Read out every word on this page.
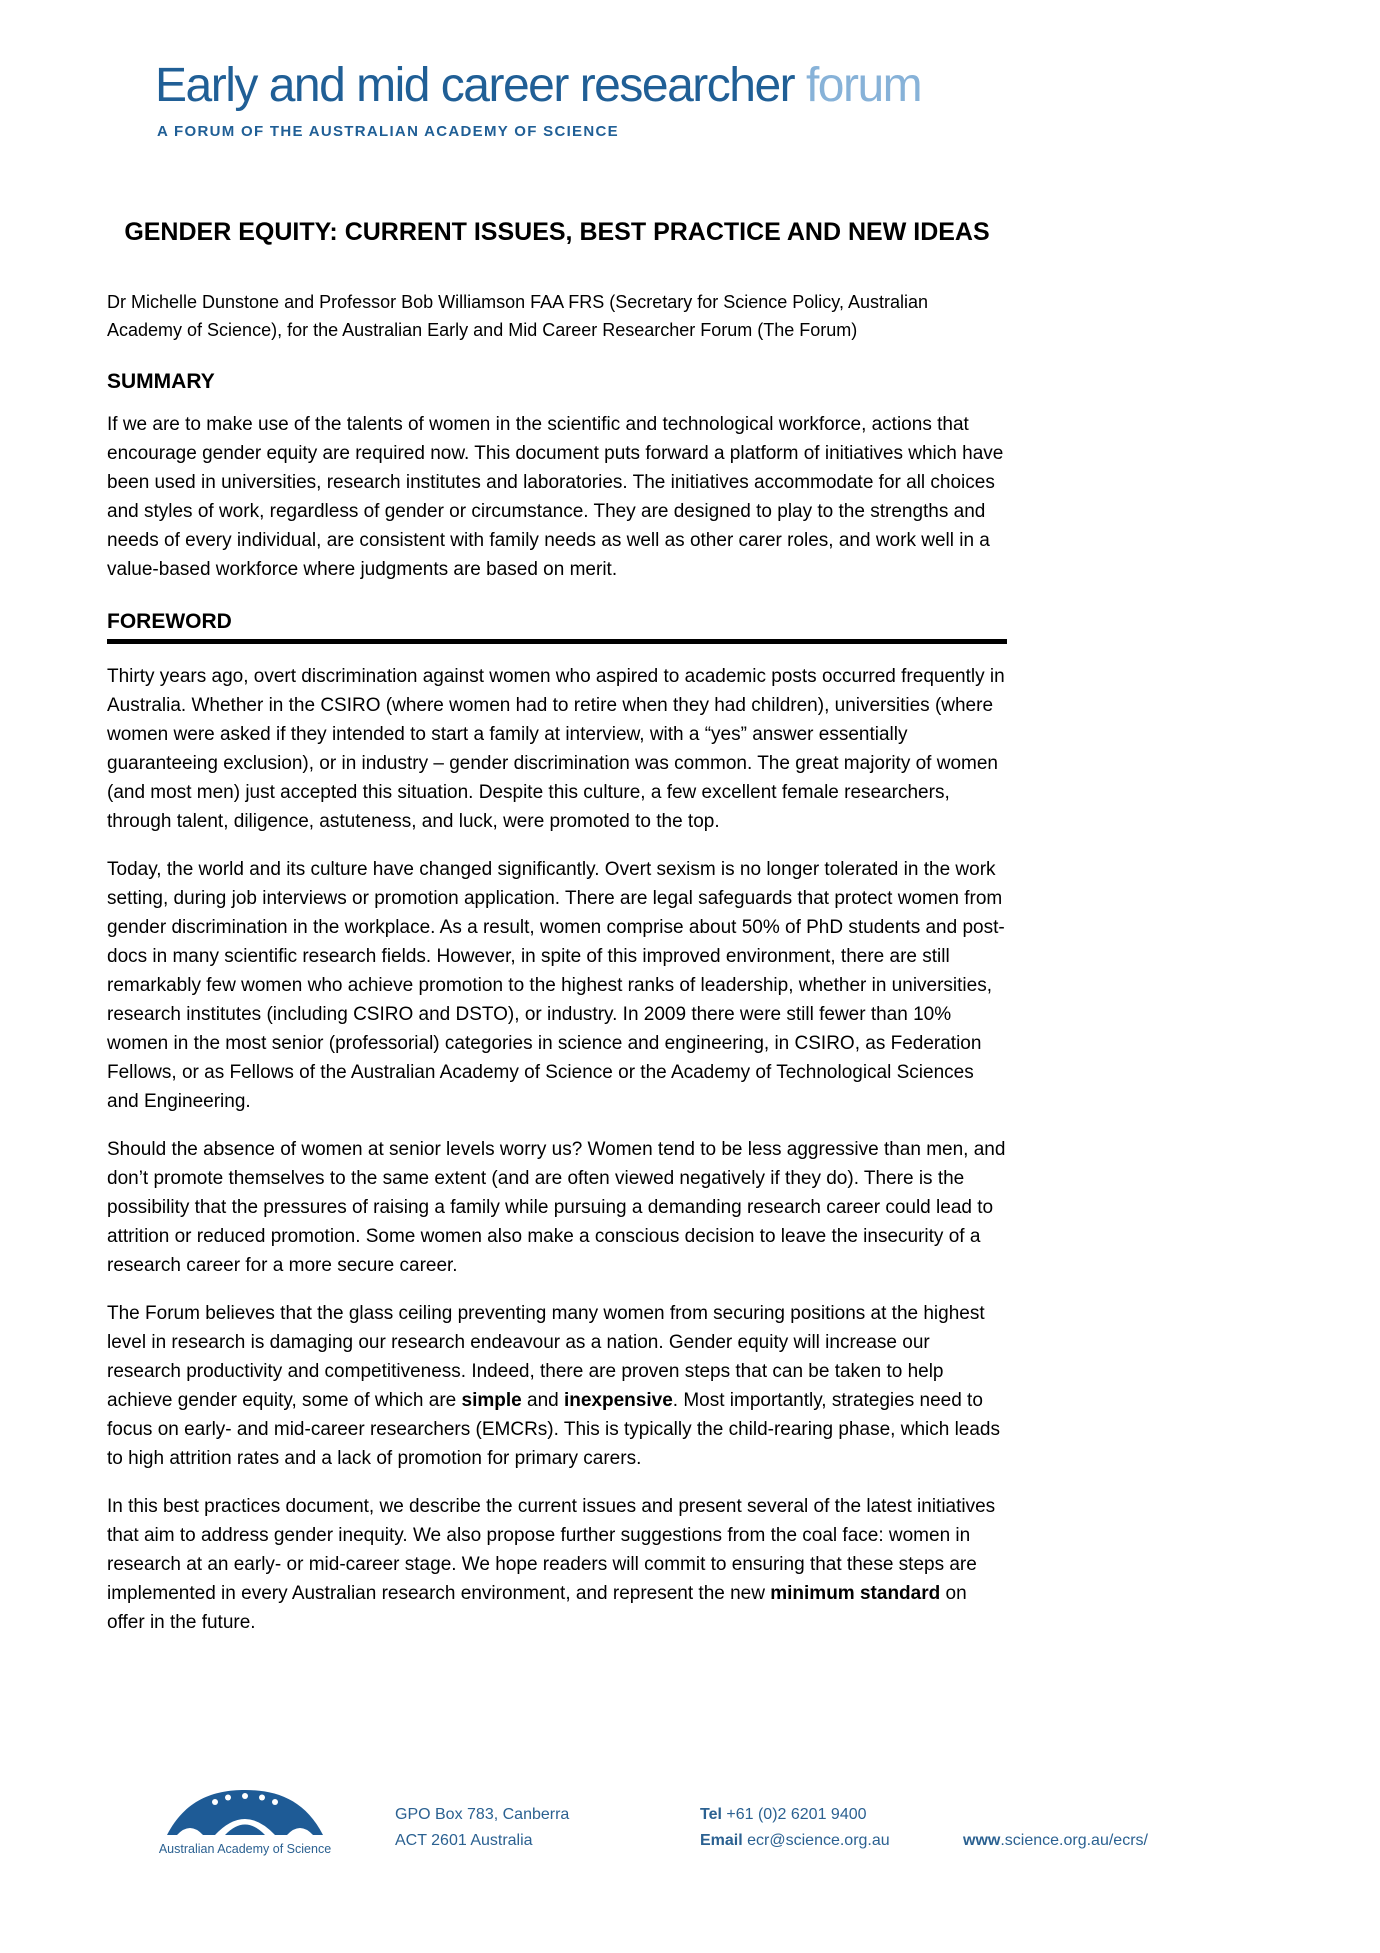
Early and mid career researcher forum
A FORUM OF THE AUSTRALIAN ACADEMY OF SCIENCE
GENDER EQUITY: CURRENT ISSUES, BEST PRACTICE AND NEW IDEAS

Dr Michelle Dunstone and Professor Bob Williamson FAA FRS (Secretary for Science Policy, Australian Academy of Science), for the Australian Early and Mid Career Researcher Forum (The Forum)

SUMMARY

If we are to make use of the talents of women in the scientific and technological workforce, actions that encourage gender equity are required now. This document puts forward a platform of initiatives which have been used in universities, research institutes and laboratories. The initiatives accommodate for all choices and styles of work, regardless of gender or circumstance. They are designed to play to the strengths and needs of every individual, are consistent with family needs as well as other carer roles, and work well in a value-based workforce where judgments are based on merit.

FOREWORD

Thirty years ago, overt discrimination against women who aspired to academic posts occurred frequently in Australia. Whether in the CSIRO (where women had to retire when they had children), universities (where women were asked if they intended to start a family at interview, with a “yes” answer essentially guaranteeing exclusion), or in industry – gender discrimination was common. The great majority of women (and most men) just accepted this situation. Despite this culture, a few excellent female researchers, through talent, diligence, astuteness, and luck, were promoted to the top.

Today, the world and its culture have changed significantly. Overt sexism is no longer tolerated in the work setting, during job interviews or promotion application. There are legal safeguards that protect women from gender discrimination in the workplace. As a result, women comprise about 50% of PhD students and post-docs in many scientific research fields. However, in spite of this improved environment, there are still remarkably few women who achieve promotion to the highest ranks of leadership, whether in universities, research institutes (including CSIRO and DSTO), or industry. In 2009 there were still fewer than 10% women in the most senior (professorial) categories in science and engineering, in CSIRO, as Federation Fellows, or as Fellows of the Australian Academy of Science or the Academy of Technological Sciences and Engineering.

Should the absence of women at senior levels worry us? Women tend to be less aggressive than men, and don’t promote themselves to the same extent (and are often viewed negatively if they do). There is the possibility that the pressures of raising a family while pursuing a demanding research career could lead to attrition or reduced promotion. Some women also make a conscious decision to leave the insecurity of a research career for a more secure career.

The Forum believes that the glass ceiling preventing many women from securing positions at the highest level in research is damaging our research endeavour as a nation. Gender equity will increase our research productivity and competitiveness. Indeed, there are proven steps that can be taken to help achieve gender equity, some of which are simple and inexpensive. Most importantly, strategies need to focus on early- and mid-career researchers (EMCRs). This is typically the child-rearing phase, which leads to high attrition rates and a lack of promotion for primary carers.

In this best practices document, we describe the current issues and present several of the latest initiatives that aim to address gender inequity. We also propose further suggestions from the coal face: women in research at an early- or mid-career stage. We hope readers will commit to ensuring that these steps are implemented in every Australian research environment, and represent the new minimum standard on offer in the future.

Australian Academy of Science
GPO Box 783, Canberra
ACT 2601 Australia
Tel +61 (0)2 6201 9400
Email ecr@science.org.au	www.science.org.au/ecrs/
